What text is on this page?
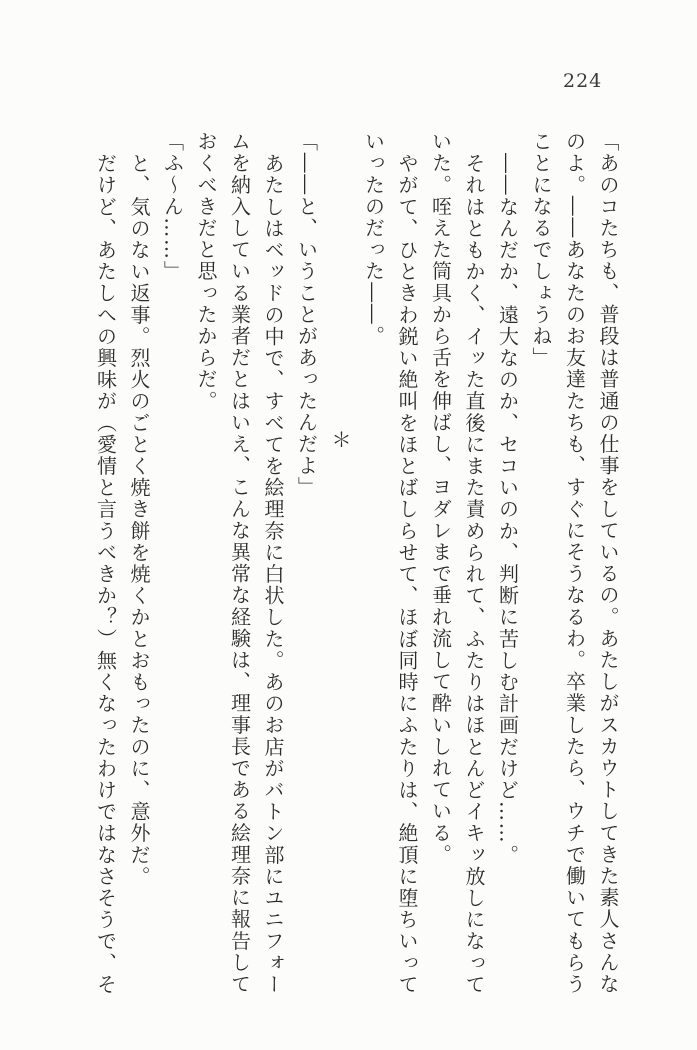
224

「あのコたちも、普段は普通の仕事をしているの。あたしがスカウトしてきた素人さんな

のよ。――あなたのお友達たちも、すぐにそうなるわ。卒業したら、ウチで働いてもらう

ことになるでしょうね」

――なんだか、遠大なのか、セコいのか、判断に苦しむ計画だけど……。

それはともかく、イッた直後にまた責められて、ふたりはほとんどイキッ放しになって

いた。咥えた筒具から舌を伸ばし、ヨダレまで垂れ流して酔いしれている。

やがて、ひときわ鋭い絶叫をほとばしらせて、ほぼ同時にふたりは、絶頂に堕ちいって

いったのだった――。

＊

「――と、いうことがあったんだよ」

あたしはベッドの中で、すべてを絵理奈に白状した。あのお店がバトン部にユニフォー

ムを納入している業者だとはいえ、こんな異常な経験は、理事長である絵理奈に報告して

おくべきだと思ったからだ。

「ふ〜ん……」

と、気のない返事。烈火のごとく焼き餅を焼くかとおもったのに、意外だ。

だけど、あたしへの興味が（愛情と言うべきか？）無くなったわけではなさそうで、そ
